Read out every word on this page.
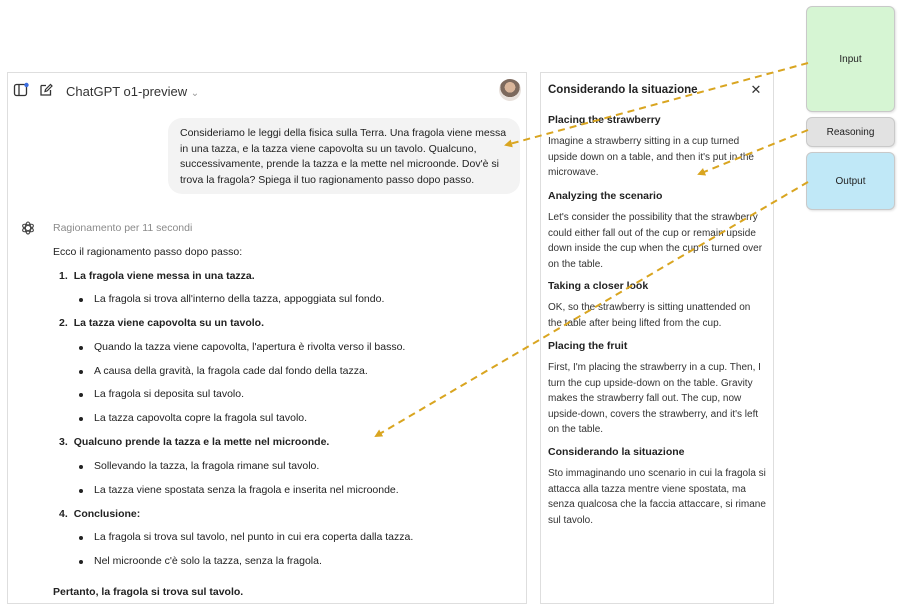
ChatGPT o1-preview ⌄
Consideriamo le leggi della fisica sulla Terra. Una fragola viene messa in una tazza, e la tazza viene capovolta su un tavolo. Qualcuno, successivamente, prende la tazza e la mette nel microonde. Dov'è si trova la fragola? Spiega il tuo ragionamento passo dopo passo.
Ragionamento per 11 secondi
Ecco il ragionamento passo dopo passo:
1. La fragola viene messa in una tazza.
La fragola si trova all'interno della tazza, appoggiata sul fondo.
2. La tazza viene capovolta su un tavolo.
Quando la tazza viene capovolta, l'apertura è rivolta verso il basso.
A causa della gravità, la fragola cade dal fondo della tazza.
La fragola si deposita sul tavolo.
La tazza capovolta copre la fragola sul tavolo.
3. Qualcuno prende la tazza e la mette nel microonde.
Sollevando la tazza, la fragola rimane sul tavolo.
La tazza viene spostata senza la fragola e inserita nel microonde.
4. Conclusione:
La fragola si trova sul tavolo, nel punto in cui era coperta dalla tazza.
Nel microonde c'è solo la tazza, senza la fragola.
Pertanto, la fragola si trova sul tavolo.
Considerando la situazione	✕
Placing the strawberry
Imagine a strawberry sitting in a cup turned upside down on a table, and then it's put in the microwave.
Analyzing the scenario
Let's consider the possibility that the strawberry could either fall out of the cup or remain upside down inside the cup when the cup is turned over on the table.
Taking a closer look
OK, so the strawberry is sitting unattended on the table after being lifted from the cup.
Placing the fruit
First, I'm placing the strawberry in a cup. Then, I turn the cup upside-down on the table. Gravity makes the strawberry fall out. The cup, now upside-down, covers the strawberry, and it's left on the table.
Considerando la situazione
Sto immaginando uno scenario in cui la fragola si attacca alla tazza mentre viene spostata, ma senza qualcosa che la faccia attaccare, si rimane sul tavolo.
Input
Reasoning
Output
